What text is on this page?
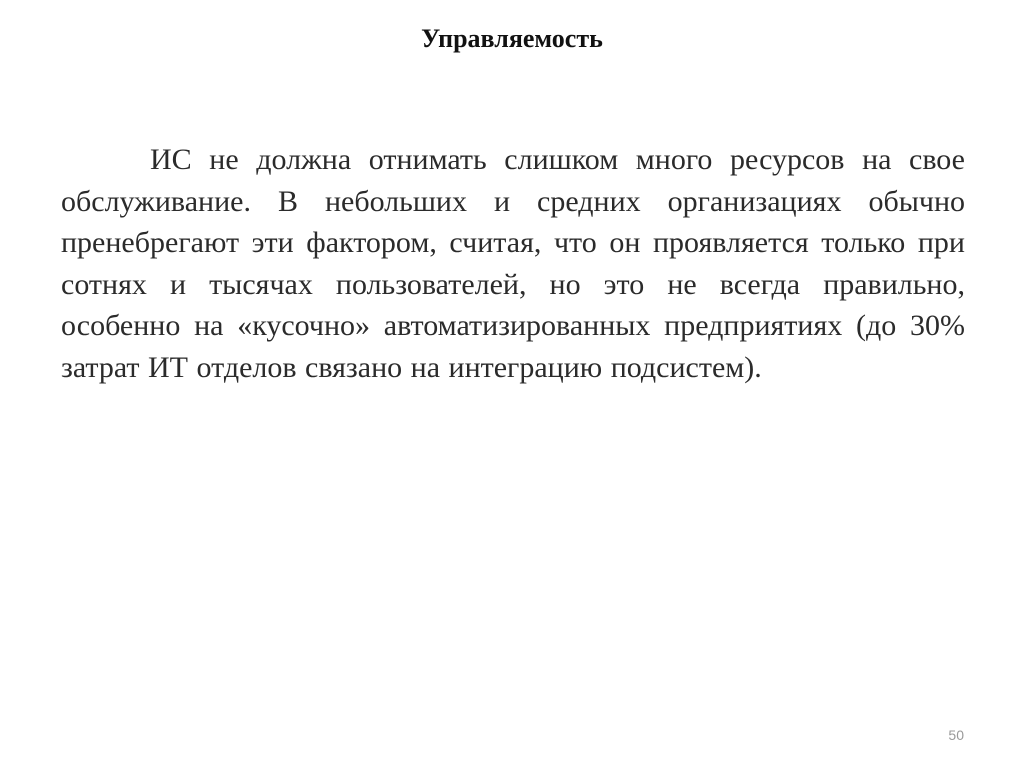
Управляемость

ИС не должна отнимать слишком много ресурсов на свое обслуживание. В небольших и средних организациях обычно пренебрегают эти фактором, считая, что он проявляется только при сотнях и тысячах пользователей, но это не всегда правильно, особенно на «кусочно» автоматизированных предприятиях (до 30% затрат ИТ отделов связано на интеграцию подсистем).

50
